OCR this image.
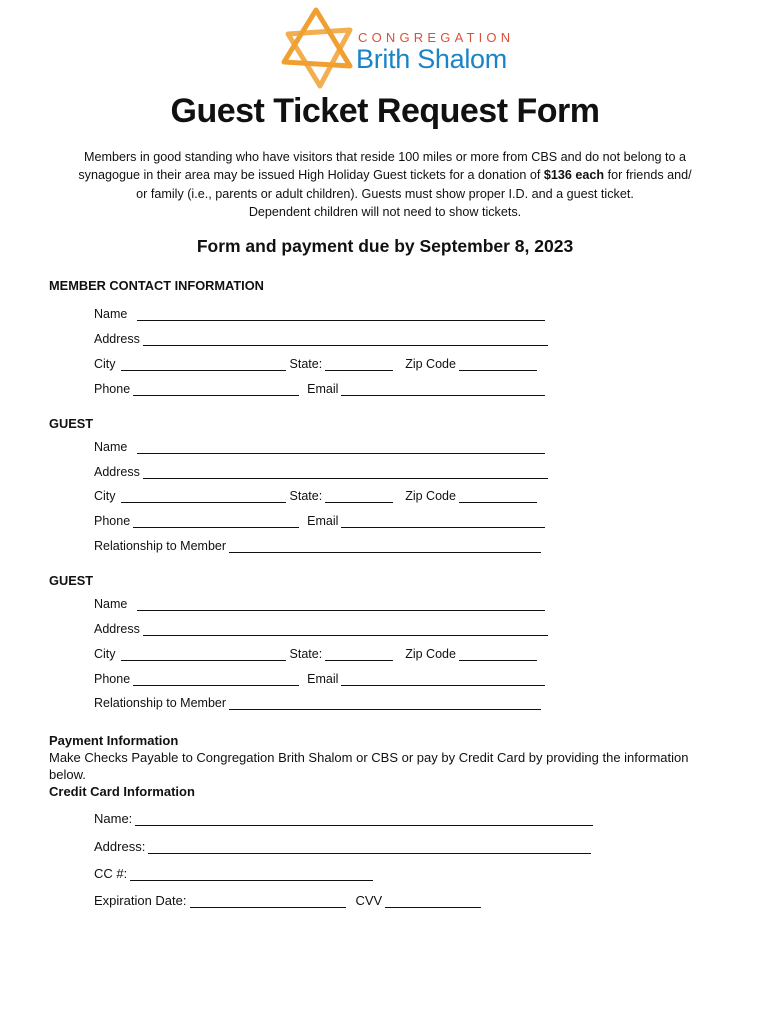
CONGREGATION
Brith Shalom
Guest Ticket Request Form

Members in good standing who have visitors that reside 100 miles or more from CBS and do not belong to a

synagogue in their area may be issued High Holiday Guest tickets for a donation of $136 each for friends and/

or family (i.e., parents or adult children). Guests must show proper I.D. and a guest ticket.

Dependent children will not need to show tickets.

Form and payment due by September 8, 2023
MEMBER CONTACT INFORMATION
Name
Address
City	State:	Zip Code
Phone	Email
GUEST
Name
Address
City	State:	Zip Code
Phone	Email
Relationship to Member
GUEST
Name
Address
City	State:	Zip Code
Phone	Email
Relationship to Member
Payment Information
Make Checks Payable to Congregation Brith Shalom or CBS or pay by Credit Card by providing the information
below.
Credit Card Information
Name:
Address:
CC #:
Expiration Date:	CVV
